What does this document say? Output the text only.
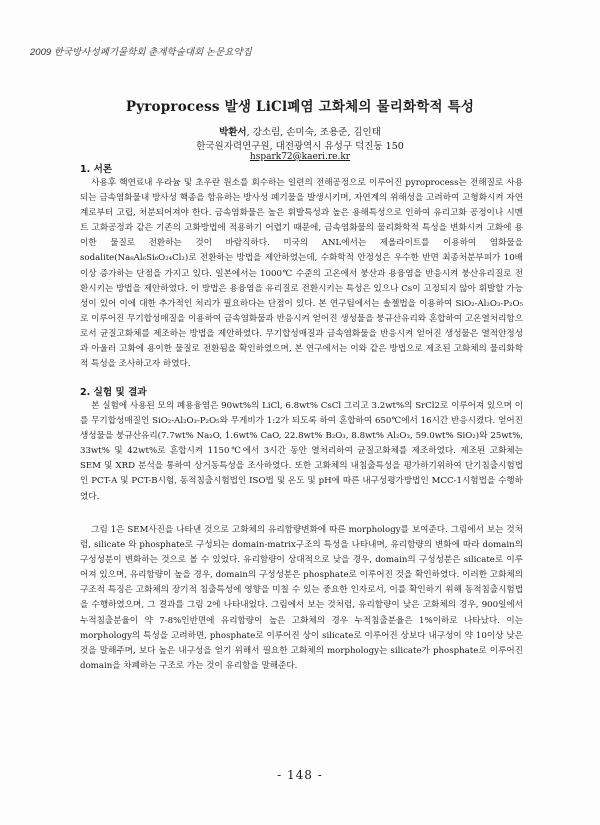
2009 한국방사성폐기물학회 춘계학술대회 논문요약집
Pyroprocess 발생 LiCl폐염 고화체의 물리화학적 특성
박환서, 강소림, 손미숙, 조용준, 김인태
한국원자력연구원, 대전광역시 유성구 덕진동 150
hspark72@kaeri.re.kr
1. 서론

사용후 핵연료내 우라늄 및 초우란 원소를 회수하는 일련의 전해공정으로 이루어진 pyroprocess는 전해질로 사용되는 금속염화물내 방사성 핵종을 함유하는 방사성 폐기물을 발생시키며, 자연계의 위해성을 고려하여 고형화시켜 자연계로부터 고립, 처분되어져야 한다. 금속염화물은 높은 휘발특성과 높은 용해특성으로 인하여 유리고화 공정이나 시멘트 고화공정과 같은 기존의 고화방법에 적용하기 어렵기 때문에, 금속염화물의 물리화학적 특성을 변화시켜 고화에 용이한 물질로 전환하는 것이 바람직하다. 미국의 ANL에서는 제올라이트를 이용하여 염화물을 sodalite(Na₈Al₆Si₆O₂₄Cl₂)로 전환하는 방법을 제안하였는데, 수화학적 안정성은 우수한 반면 최종처분부피가 10배 이상 증가하는 단점을 가지고 있다. 일본에서는 1000℃ 수준의 고온에서 붕산과 용융염을 반응시켜 붕산유리질로 전환시키는 방법을 제안하였다. 이 방법은 용융염을 유리질로 전환시키는 특성은 있으나 Cs이 고정되지 않아 휘발할 가능성이 있어 이에 대한 추가적인 처리가 필요하다는 단점이 있다. 본 연구팀에서는 솔젤법을 이용하여 SiO₂-Al₂O₃-P₂O₅로 이루어진 무기합성매질을 이용하여 금속염화물과 반응시켜 얻어진 생성물을 붕규산유리와 혼합하여 고온열처리함으로서 균질고화체를 제조하는 방법을 제안하였다. 무기합성매질과 금속염화물을 반응시켜 얻어진 생성물은 열적안정성과 아울러 고화에 용이한 물질로 전환됨을 확인하였으며, 본 연구에서는 이와 같은 방법으로 제조된 고화체의 물리화학적 특성을 조사하고자 하였다.

2. 실험 및 결과

본 실험에 사용된 모의 폐용융염은 90wt%의 LiCl, 6.8wt% CsCl 그리고 3.2wt%의 SrCl2로 이루어져 있으며 이를 무기합성매질인 SiO₂-Al₂O₃-P₂O₅와 무게비가 1:2가 되도록 하여 혼합하여 650℃에서 16시간 반응시켰다. 얻어진 생성물을 붕규산유리(7.7wt% Na₂O, 1.6wt% CaO, 22.8wt% B₂O₃, 8.8wt% Al₂O₃, 59.0wt% SiO₂)와 25wt%, 33wt% 및 42wt%로 혼합시켜 1150℃에서 3시간 동안 열처리하여 균질고화체를 제조하였다. 제조된 고화체는 SEM 및 XRD 분석을 통하여 상거동특성을 조사하였다. 또한 고화체의 내침출특성을 평가하기위하여 단기침출시험법인 PCT-A 및 PCT-B시험, 동적침출시험법인 ISO법 및 온도 및 pH에 따른 내구성평가방법인 MCC-1시험법을 수행하였다.

그림 1은 SEM사진을 나타낸 것으로 고화체의 유리함량변화에 따른 morphology를 보여준다. 그림에서 보는 것처럼, silicate 와 phosphate로 구성되는 domain-matrix구조의 특성을 나타내며, 유리함량의 변화에 따라 domain의 구성성분이 변화하는 것으로 볼 수 있었다. 유리함량이 상대적으로 낮을 경우, domain의 구성성분은 silicate로 이루어져 있으며, 유리함량이 높을 경우, domain의 구성성분은 phosphate로 이루어진 것을 확인하였다. 이러한 고화체의 구조적 특징은 고화체의 장기적 침출특성에 영향을 미칠 수 있는 중요한 인자로서, 이를 확인하기 위해 동적침출시험법을 수행하였으며, 그 결과를 그림 2에 나타내었다. 그림에서 보는 것처럼, 유리함량이 낮은 고화체의 경우, 900일에서 누적침출분율이 약 7-8%인반면에 유리함량이 높은 고화체의 경우 누적침출분율은 1%이하로 나타났다. 이는 morphology의 특성을 고려하면, phosphate로 이루어진 상이 silicate로 이루어진 상보다 내구성이 약 10이상 낮은 것을 말해주며, 보다 높은 내구성을 얻기 위해서 필요한 고화체의 morphology는 silicate가 phosphate로 이루어진 domain을 차폐하는 구조로 가는 것이 유리함을 말해준다.

- 148 -
